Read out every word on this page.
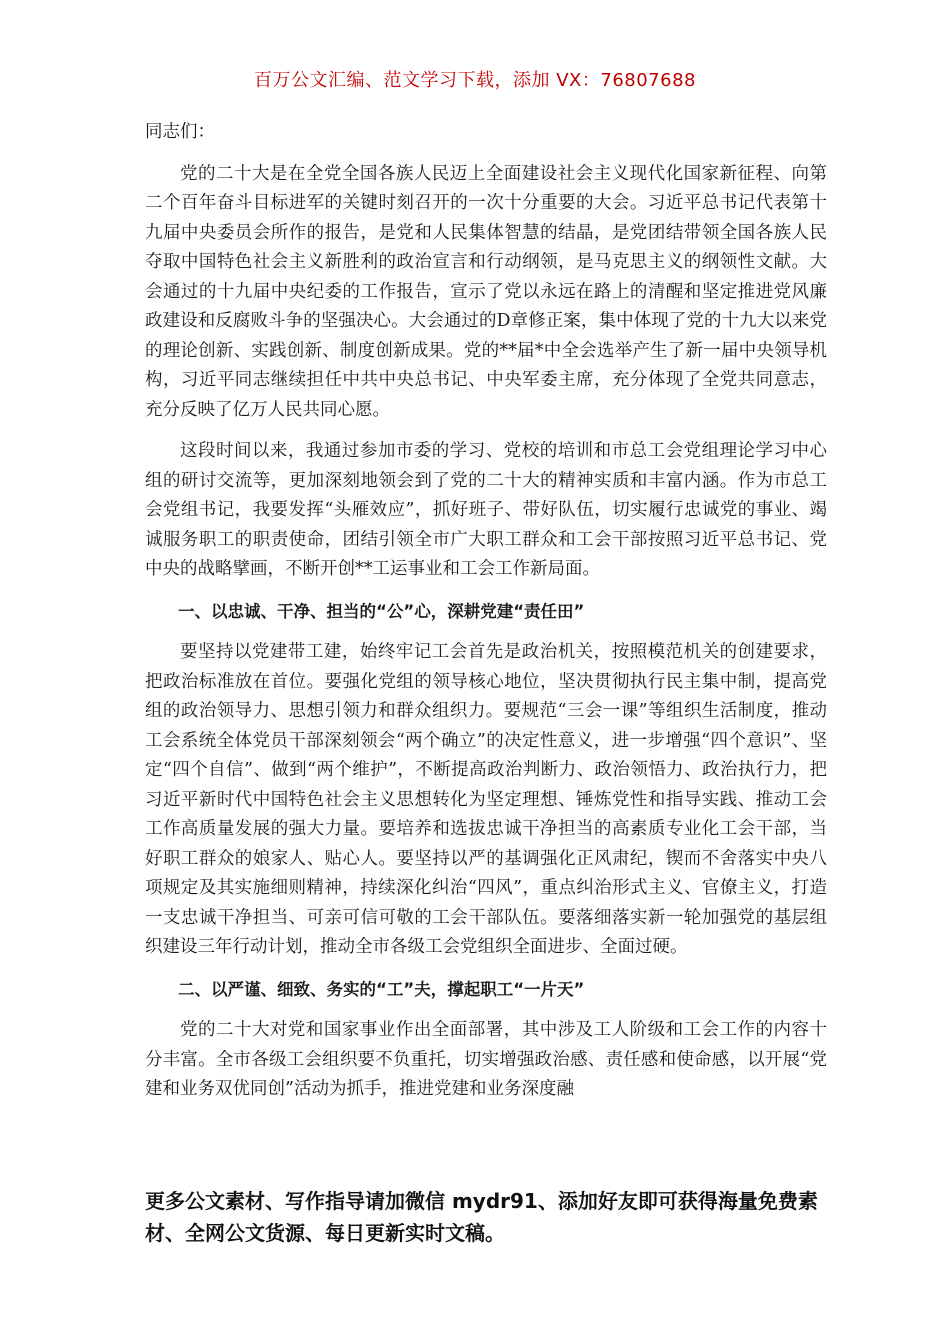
百万公文汇编、范文学习下载，添加 VX：76807688

同志们：

党的二十大是在全党全国各族人民迈上全面建设社会主义现代化国家新征程、向第二个百年奋斗目标进军的关键时刻召开的一次十分重要的大会。习近平总书记代表第十九届中央委员会所作的报告，是党和人民集体智慧的结晶，是党团结带领全国各族人民夺取中国特色社会主义新胜利的政治宣言和行动纲领，是马克思主义的纲领性文献。大会通过的十九届中央纪委的工作报告，宣示了党以永远在路上的清醒和坚定推进党风廉政建设和反腐败斗争的坚强决心。大会通过的D章修正案，集中体现了党的十九大以来党的理论创新、实践创新、制度创新成果。党的**届*中全会选举产生了新一届中央领导机构，习近平同志继续担任中共中央总书记、中央军委主席，充分体现了全党共同意志，充分反映了亿万人民共同心愿。

这段时间以来，我通过参加市委的学习、党校的培训和市总工会党组理论学习中心组的研讨交流等，更加深刻地领会到了党的二十大的精神实质和丰富内涵。作为市总工会党组书记，我要发挥“头雁效应”，抓好班子、带好队伍，切实履行忠诚党的事业、竭诚服务职工的职责使命，团结引领全市广大职工群众和工会干部按照习近平总书记、党中央的战略擘画，不断开创**工运事业和工会工作新局面。

一、以忠诚、干净、担当的“公”心，深耕党建“责任田”

要坚持以党建带工建，始终牢记工会首先是政治机关，按照模范机关的创建要求，把政治标准放在首位。要强化党组的领导核心地位，坚决贯彻执行民主集中制，提高党组的政治领导力、思想引领力和群众组织力。要规范“三会一课”等组织生活制度，推动工会系统全体党员干部深刻领会“两个确立”的决定性意义，进一步增强“四个意识”、坚定“四个自信”、做到“两个维护”，不断提高政治判断力、政治领悟力、政治执行力，把习近平新时代中国特色社会主义思想转化为坚定理想、锤炼党性和指导实践、推动工会工作高质量发展的强大力量。要培养和选拔忠诚干净担当的高素质专业化工会干部，当好职工群众的娘家人、贴心人。要坚持以严的基调强化正风肃纪，锲而不舍落实中央八项规定及其实施细则精神，持续深化纠治“四风”，重点纠治形式主义、官僚主义，打造一支忠诚干净担当、可亲可信可敬的工会干部队伍。要落细落实新一轮加强党的基层组织建设三年行动计划，推动全市各级工会党组织全面进步、全面过硬。

二、以严谨、细致、务实的“工”夫，撑起职工“一片天”

党的二十大对党和国家事业作出全面部署，其中涉及工人阶级和工会工作的内容十分丰富。全市各级工会组织要不负重托，切实增强政治感、责任感和使命感，以开展“党建和业务双优同创”活动为抓手，推进党建和业务深度融

更多公文素材、写作指导请加微信 mydr91、添加好友即可获得海量免费素材、全网公文货源、每日更新实时文稿。
